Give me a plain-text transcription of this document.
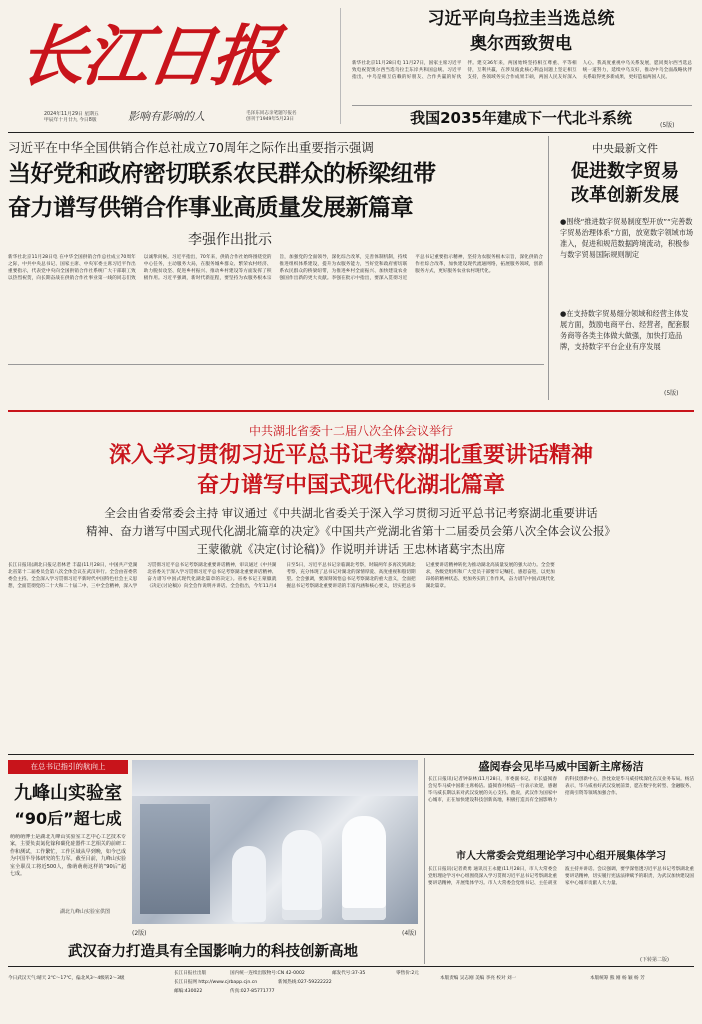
长江日报
2024年11月29日 星期五
甲辰年十月廿九 今日8版	影响有影响的人	毛泽东同志亲笔题写报名
创刊于1949年5月23日
习近平向乌拉圭当选总统
奥尔西致贺电
新华社北京11月28日电 11月27日，国家主席习近平致电祝贺奥尔西当选乌拉圭东岸共和国总统。习近平指出，中乌是相互信赖的好朋友、合作共赢的好伙伴。建交36年来，两国始终坚持相互尊重、平等相待，互利共赢，在涉及彼此核心利益问题上坚定相互支持，各领域务实合作成果丰硕，两国人民友好深入人心。我高度重视中乌关系发展，愿同奥尔西当选总统一道努力，延续中乌友好，推动中乌全面战略伙伴关系取得更多新成果，更好造福两国人民。
我国2035年建成下一代北斗系统	(5版)
习近平在中华全国供销合作总社成立70周年之际作出重要指示强调
当好党和政府密切联系农民群众的桥梁纽带
奋力谱写供销合作事业高质量发展新篇章
李强作出批示
新华社北京11月28日电 在中华全国供销合作总社成立70周年之际，中共中央总书记、国家主席、中央军委主席习近平作出重要指示，代表党中央向全国供销合作社系统广大干部职工致以热烈祝贺，向长期奋战在供销合作社事业第一线的同志们致以诚挚问候。习近平指出，70年来，供销合作社始终围绕党的中心任务，主动服务大局，在服务城乡群众、繁荣农村经济、助力脱贫攻坚、促进乡村振兴、推动乡村建设等方面发挥了积极作用。习近平强调，新时代新征程，要坚持为农服务根本宗旨，加强党的全面领导，深化综合改革，完善体制机制，持续推进组织体系建设，提升为农服务能力，当好党和政府密切联系农民群众的桥梁纽带，为推进乡村全面振兴、加快建设农业强国作出新的更大贡献。李强在批示中指出，要深入贯彻习近平总书记重要指示精神，坚持为农服务根本宗旨，深化供销合作社综合改革，加快建设现代流通网络，拓展服务领域，创新服务方式，更好服务农业农村现代化。
中央最新文件
促进数字贸易
改革创新发展
●围绕“推进数字贸易制度型开放”“完善数字贸易治理体系”方面，放宽数字领域市场准入，促进和规范数据跨境流动，积极参与数字贸易国际规则制定
●在支持数字贸易细分领域和经营主体发展方面，鼓励电商平台、经营者，配套服务商等各类主体做大做强，加快打造品牌，支持数字平台企业有序发展
(5版)
中共湖北省委十二届八次全体会议举行
深入学习贯彻习近平总书记考察湖北重要讲话精神
奋力谱写中国式现代化湖北篇章
全会由省委常委会主持 审议通过《中共湖北省委关于深入学习贯彻习近平总书记考察湖北重要讲话
精神、奋力谱写中国式现代化湖北篇章的决定》《中国共产党湖北省第十二届委员会第八次全体会议公报》
王蒙徽就《决定(讨论稿)》作说明并讲话 王忠林诸葛宇杰出席
长江日报讯(湖北日报记者林老 丰磊)11月28日，中国共产党湖北省第十二届委员会第八次全体会议在武汉举行。全会由省委常委会主持。全会深入学习贯彻习近平新时代中国特色社会主义思想，全面贯彻党的二十大和二十届二中、三中全会精神，深入学习贯彻习近平总书记考察湖北重要讲话精神，审议通过《中共湖北省委关于深入学习贯彻习近平总书记考察湖北重要讲话精神、奋力谱写中国式现代化湖北篇章的决定》。省委书记王蒙徽就《决定(讨论稿)》向全会作说明并讲话。全会指出，今年11月4日至5日，习近平总书记亲临湖北考察，时隔两年多再次到湖北考察，充分体现了总书记对湖北的深情厚爱、高度重视和殷切期望。全会强调，要深刻领悟总书记考察湖北的重大意义，全面把握总书记考察湖北重要讲话的丰富内涵和核心要义，切实把总书记重要讲话精神转化为推动湖北高质量发展的强大动力。全会要求，各级党组织和广大党员干部要牢记嘱托、感恩奋进，以更加昂扬的精神状态、更加务实的工作作风，奋力谱写中国式现代化湖北篇章。
在总书记指引的航向上
九峰山实验室
“90后”超七成
萌萌萌博士是湖北九峰山实验室工艺中心工艺技术专家，主要负责氮化镓和碳化硅器件工艺相关的前研工作和测试，工作繁忙，工作区域从早到晚，如今已成为中国半导体研究的生力军。截至目前，九峰山实验室全职员工将近500人，像萌萌萌这样的“90后”超七成。
湖北九峰山实验室供图
(2版)
武汉奋力打造具有全国影响力的科技创新高地
(4版)
盛阅春会见毕马威中国新主席杨洁
长江日报讯(记者钟泰林)11月28日，市委副书记、市长盛阅春会见毕马威中国新主席杨洁。盛阅春对杨洁一行表示欢迎，感谢毕马威长期以来对武汉发展的关心支持。他说，武汉作为国家中心城市，正在加快建设科技创新高地，积极打造具有全国影响力的科技创新中心，热忱欢迎毕马威持续深化在汉业务布局。杨洁表示，毕马威看好武汉发展前景，愿在数字化转型、金融服务、招商引资等领域加强合作。
市人大常委会党组理论学习中心组开展集体学习
长江日报讯(记者黄勇 通讯员王永健)11月28日，市人大常委会党组理论学习中心组围绕深入学习贯彻习近平总书记考察湖北重要讲话精神，开展集体学习。市人大常委会党组书记、主任胡亚波主持并讲话。会议强调，要学深悟透习近平总书记考察湖北重要讲话精神，切实履行宪法法律赋予的职责，为武汉加快建设国家中心城市贡献人大力量。
(下转第二版)
今日武汉天气:晴天 2℃～17℃，偏北风3～4级转2～3级
长江日报社出版	国内统一连续出版物号:CN 42-0002	邮发代号:37-35	零售价:2元
长江日报网 http://www.cjrbapp.cjn.cn	新闻热线:027-59222222
邮编:430022	传真:027-85771777
本版责编 吴志刚 美编 李亮 校对 刘一	本版统筹 熊 刚 杨 颖 杨 芳
